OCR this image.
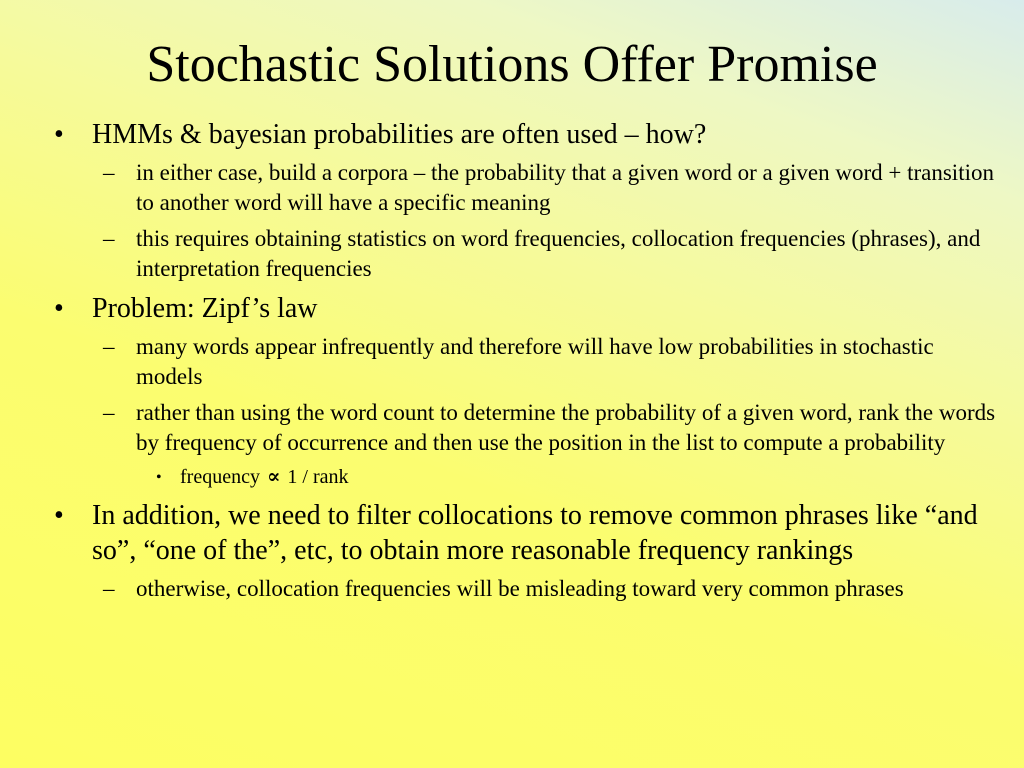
Stochastic Solutions Offer Promise
• HMMs & bayesian probabilities are often used – how?
– in either case, build a corpora – the probability that a given word or a given word + transition to another word will have a specific meaning
– this requires obtaining statistics on word frequencies, collocation frequencies (phrases), and interpretation frequencies
• Problem: Zipf’s law
– many words appear infrequently and therefore will have low probabilities in stochastic models
– rather than using the word count to determine the probability of a given word, rank the words by frequency of occurrence and then use the position in the list to compute a probability
• frequency ∝ 1 / rank
• In addition, we need to filter collocations to remove common phrases like “and so”, “one of the”, etc, to obtain more reasonable frequency rankings
– otherwise, collocation frequencies will be misleading toward very common phrases
